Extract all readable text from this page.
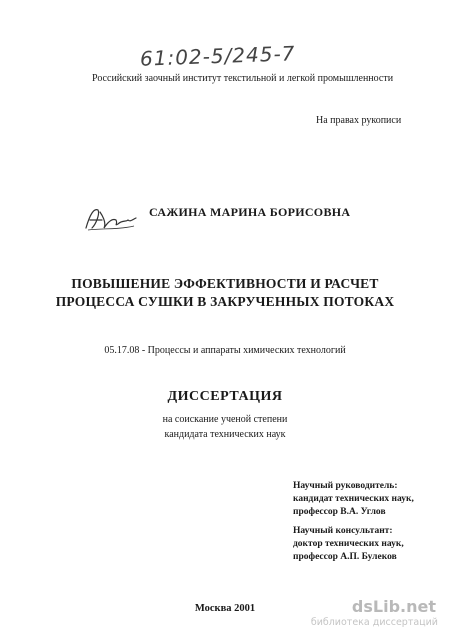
61:02-5/245-7
Российский заочный институт текстильной и легкой промышленности
На правах рукописи
САЖИНА МАРИНА БОРИСОВНА
ПОВЫШЕНИЕ ЭФФЕКТИВНОСТИ И РАСЧЕТ
ПРОЦЕССА СУШКИ В ЗАКРУЧЕННЫХ ПОТОКАХ
05.17.08 - Процессы и аппараты химических технологий
ДИССЕРТАЦИЯ
на соискание ученой степени
кандидата технических наук
Научный руководитель:
кандидат технических наук,
профессор В.А. Углов
Научный консультант:
доктор технических наук,
профессор А.П. Булеков
Москва 2001	dsLib.net
библиотека диссертаций
